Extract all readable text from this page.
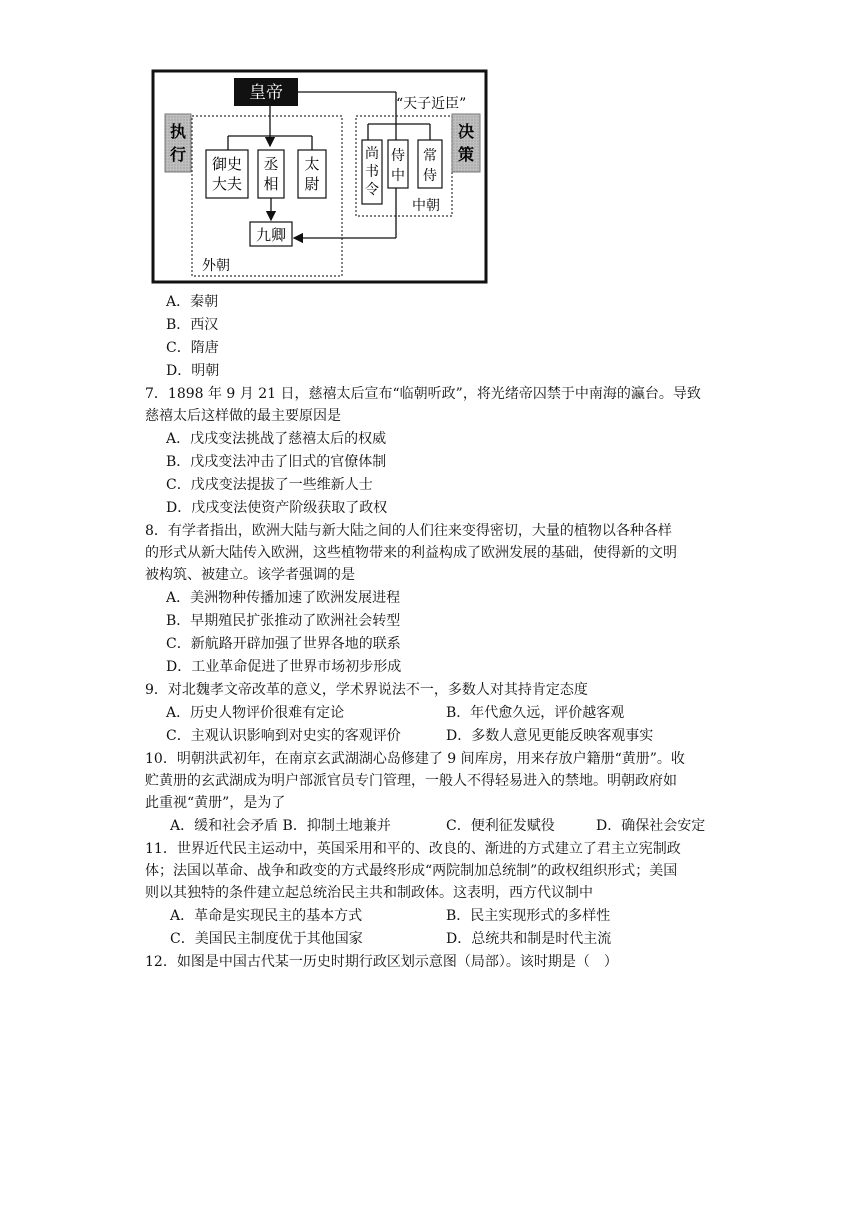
皇帝
“天子近臣”
执
行
决
策
御史
大夫
丞
相
太
尉
九卿
尚
书
令
侍
中
常
侍
中朝
外朝
A．秦朝
B．西汉
C．隋唐
D．明朝
7．1898 年 9 月 21 日，慈禧太后宣布“临朝听政”，将光绪帝囚禁于中南海的瀛台。导致
慈禧太后这样做的最主要原因是
A．戊戌变法挑战了慈禧太后的权威
B．戊戌变法冲击了旧式的官僚体制
C．戊戌变法提拔了一些维新人士
D．戊戌变法使资产阶级获取了政权
8．有学者指出，欧洲大陆与新大陆之间的人们往来变得密切，大量的植物以各种各样
的形式从新大陆传入欧洲，这些植物带来的利益构成了欧洲发展的基础，使得新的文明
被构筑、被建立。该学者强调的是
A．美洲物种传播加速了欧洲发展进程
B．早期殖民扩张推动了欧洲社会转型
C．新航路开辟加强了世界各地的联系
D．工业革命促进了世界市场初步形成
9．对北魏孝文帝改革的意义，学术界说法不一，多数人对其持肯定态度
A．历史人物评价很难有定论	B．年代愈久远，评价越客观
C．主观认识影响到对史实的客观评价	D．多数人意见更能反映客观事实
10．明朝洪武初年，在南京玄武湖湖心岛修建了 9 间库房，用来存放户籍册“黄册”。收
贮黄册的玄武湖成为明户部派官员专门管理，一般人不得轻易进入的禁地。明朝政府如
此重视“黄册”，是为了
A．缓和社会矛盾 B．抑制土地兼并	C．便利征发赋役	D．确保社会安定
11．世界近代民主运动中，英国采用和平的、改良的、渐进的方式建立了君主立宪制政
体；法国以革命、战争和政变的方式最终形成“两院制加总统制”的政权组织形式；美国
则以其独特的条件建立起总统治民主共和制政体。这表明，西方代议制中
A．革命是实现民主的基本方式	B．民主实现形式的多样性
C．美国民主制度优于其他国家	D．总统共和制是时代主流
12．如图是中国古代某一历史时期行政区划示意图（局部）。该时期是（　）
